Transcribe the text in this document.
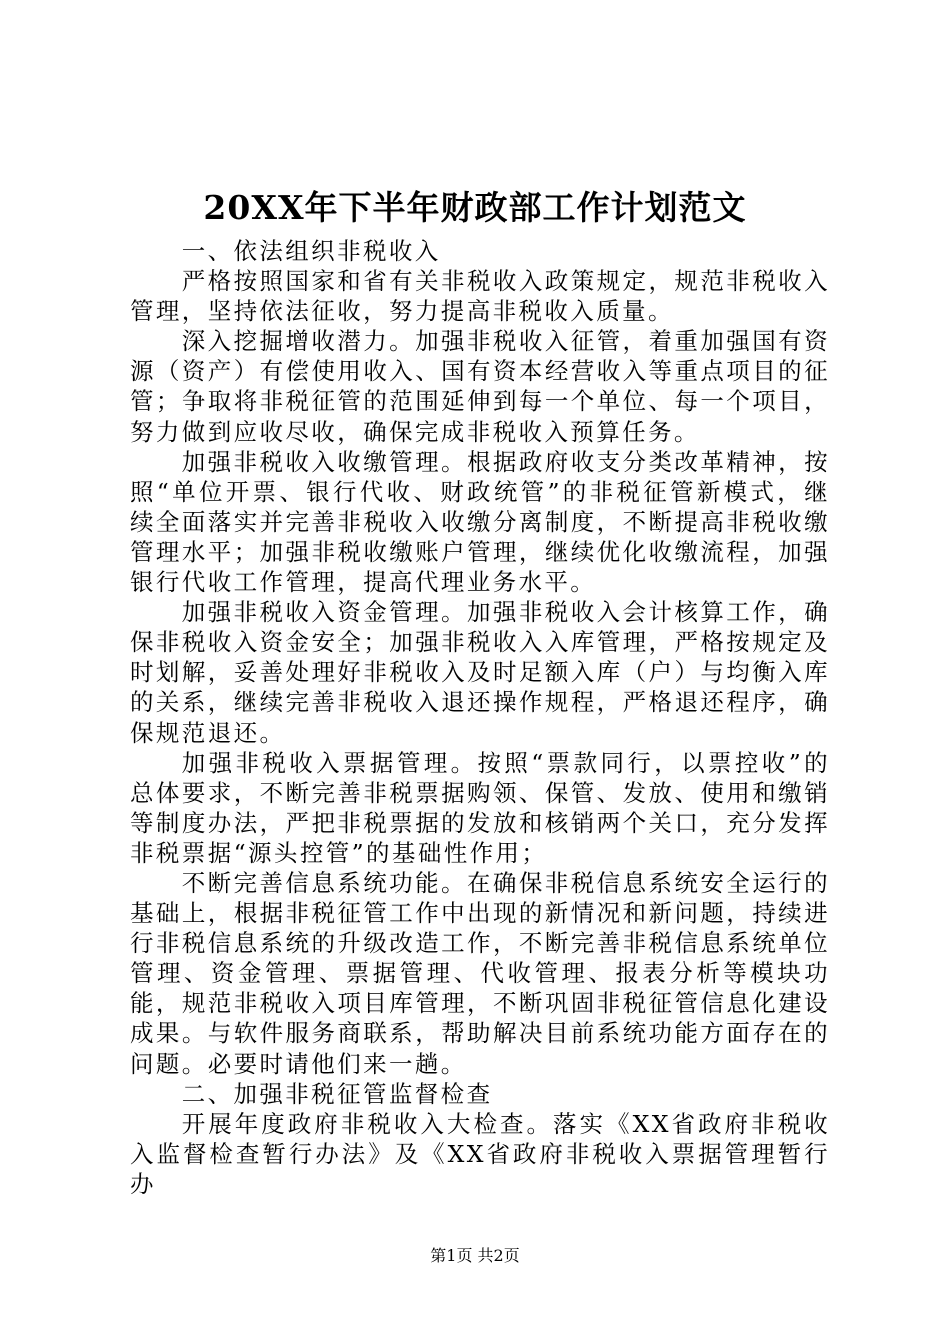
20XX年下半年财政部工作计划范文

一、依法组织非税收入

严格按照国家和省有关非税收入政策规定，规范非税收入管理，坚持依法征收，努力提高非税收入质量。

深入挖掘增收潜力。加强非税收入征管，着重加强国有资源（资产）有偿使用收入、国有资本经营收入等重点项目的征管；争取将非税征管的范围延伸到每一个单位、每一个项目，努力做到应收尽收，确保完成非税收入预算任务。

加强非税收入收缴管理。根据政府收支分类改革精神，按照“单位开票、银行代收、财政统管”的非税征管新模式，继续全面落实并完善非税收入收缴分离制度，不断提高非税收缴管理水平；加强非税收缴账户管理，继续优化收缴流程，加强银行代收工作管理，提高代理业务水平。

加强非税收入资金管理。加强非税收入会计核算工作，确保非税收入资金安全；加强非税收入入库管理，严格按规定及时划解，妥善处理好非税收入及时足额入库（户）与均衡入库的关系，继续完善非税收入退还操作规程，严格退还程序，确保规范退还。

加强非税收入票据管理。按照“票款同行，以票控收”的总体要求，不断完善非税票据购领、保管、发放、使用和缴销等制度办法，严把非税票据的发放和核销两个关口，充分发挥非税票据“源头控管”的基础性作用；

不断完善信息系统功能。在确保非税信息系统安全运行的基础上，根据非税征管工作中出现的新情况和新问题，持续进行非税信息系统的升级改造工作，不断完善非税信息系统单位管理、资金管理、票据管理、代收管理、报表分析等模块功能，规范非税收入项目库管理，不断巩固非税征管信息化建设成果。与软件服务商联系，帮助解决目前系统功能方面存在的问题。必要时请他们来一趟。

二、加强非税征管监督检查

开展年度政府非税收入大检查。落实《XX省政府非税收入监督检查暂行办法》及《XX省政府非税收入票据管理暂行办

第1页 共2页
